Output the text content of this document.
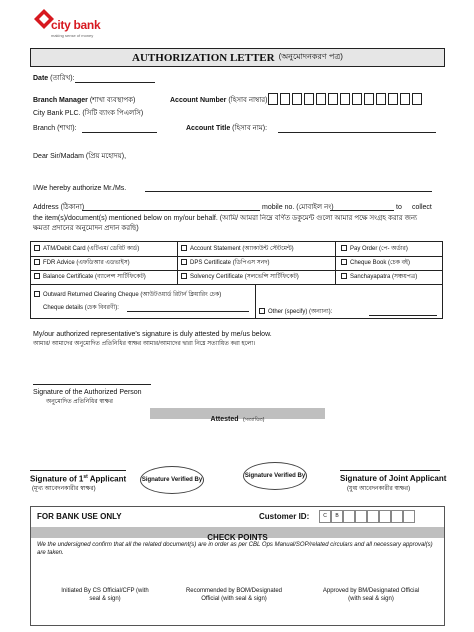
city bank
making sense of money
AUTHORIZATION LETTER (অনুমোদনকরণ পত্র)
Date (তারিখ):
Branch Manager (শাখা ব্যবস্থাপক)	Account Number (হিসাব নাম্বার):
City Bank PLC. (সিটি ব্যাংক পিএলসি)
Branch (শাখা):	Account Title (হিসাব নাম):
Dear Sir/Madam (প্রিয় মহোদয়),
I/We hereby authorize Mr./Ms.
Address (ঠিকানা)	mobile no. (মোবাইল নং)	to collect
the item(s)/document(s) mentioned below on my/our behalf. (আমি/ আমরা নিম্নে বর্ণিত ডকুমেন্ট গুলো আমার পক্ষে সংগ্রহ করার জন্য
ক্ষমতা প্রদানের অনুমোদন প্রদান করছি)
ATM/Debit Card (এটিএম/ ডেবিট কার্ড)	Account Statement (অ্যাকাউন্ট স্টেটমেন্ট)	Pay Order (পে- অর্ডার)
FDR Advice (এফডিআর এডভাইস)	DPS Certificate (ডিপিএস সনদ)	Cheque Book (চেক বই)
Balance Certificate (ব্যালেন্স সার্টিফিকেট)	Solvency Certificate (সলভেন্সি সার্টিফিকেট)	Sanchayapatra (সঞ্চয়পত্র)
Outward Returned Clearing Cheque (আউটওয়ার্ড রিটার্ন ক্লিয়ারিং চেক)
Cheque details (চেক বিবরণী):
Other (specify) (অন্যান্য):
My/our authorized representative's signature is duly attested by me/us below.
আমার/ আমাদের অনুমোদিত প্রতিনিধির স্বাক্ষর আমার/আমাদের দ্বারা নিম্নে সত্যায়িত করা হলো।
Signature of the Authorized Person
অনুমোদিত প্রতিনিধির স্বাক্ষর
Attested (সত্যায়িত)
Signature of 1st Applicant
(মূখ্য আবেদনকারীর স্বাক্ষর)
Signature Verified By
Signature Verified By	Signature of Joint Applicant
(যুগ্ম আবেদনকারীর স্বাক্ষর)
FOR BANK USE ONLY	Customer ID:	C	B
CHECK POINTS
We the undersigned confirm that all the related document(s) are in order as per CBL Ops Manual/SOP/related circulars and all necessary approval(s) are taken.
Initiated By CS Official/CFP (with seal & sign)
Recommended by BOM/Designated Official (with seal & sign)
Approved by BM/Designated Official (with seal & sign)
